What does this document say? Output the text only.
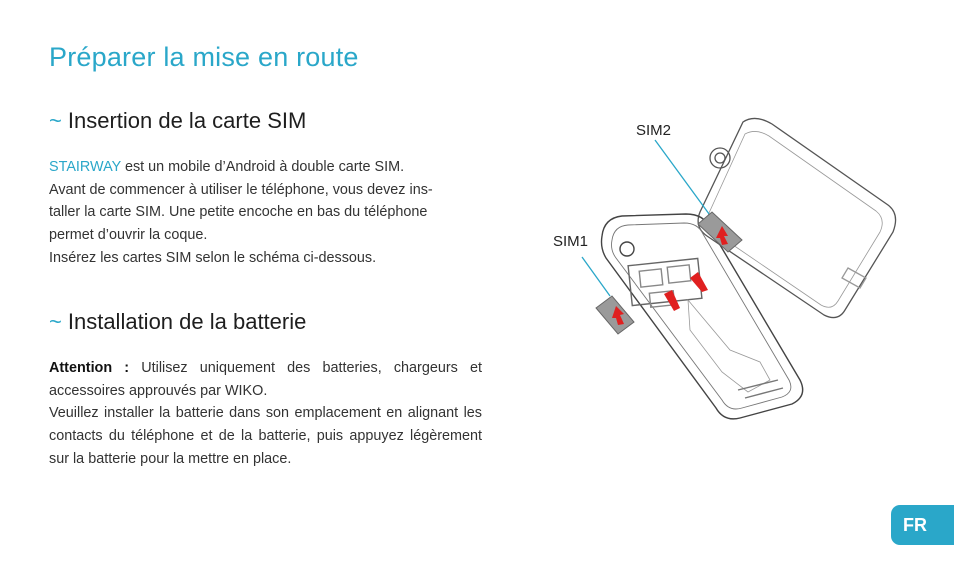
Préparer la mise en route
~ Insertion de la carte SIM

STAIRWAY est un mobile d’Android à double carte SIM.

Avant de commencer à utiliser le téléphone, vous devez ins-

taller la carte SIM. Une petite encoche en bas du téléphone

permet d’ouvrir la coque.

Insérez les cartes SIM selon le schéma ci-dessous.

~ Installation de la batterie

Attention : Utilisez uniquement des batteries, chargeurs et accessoires approuvés par WIKO.

Veuillez installer la batterie dans son emplacement en alignant les contacts du téléphone et de la batterie, puis appuyez légèrement sur la batterie pour la mettre en place.

SIM2
SIM1
FR
